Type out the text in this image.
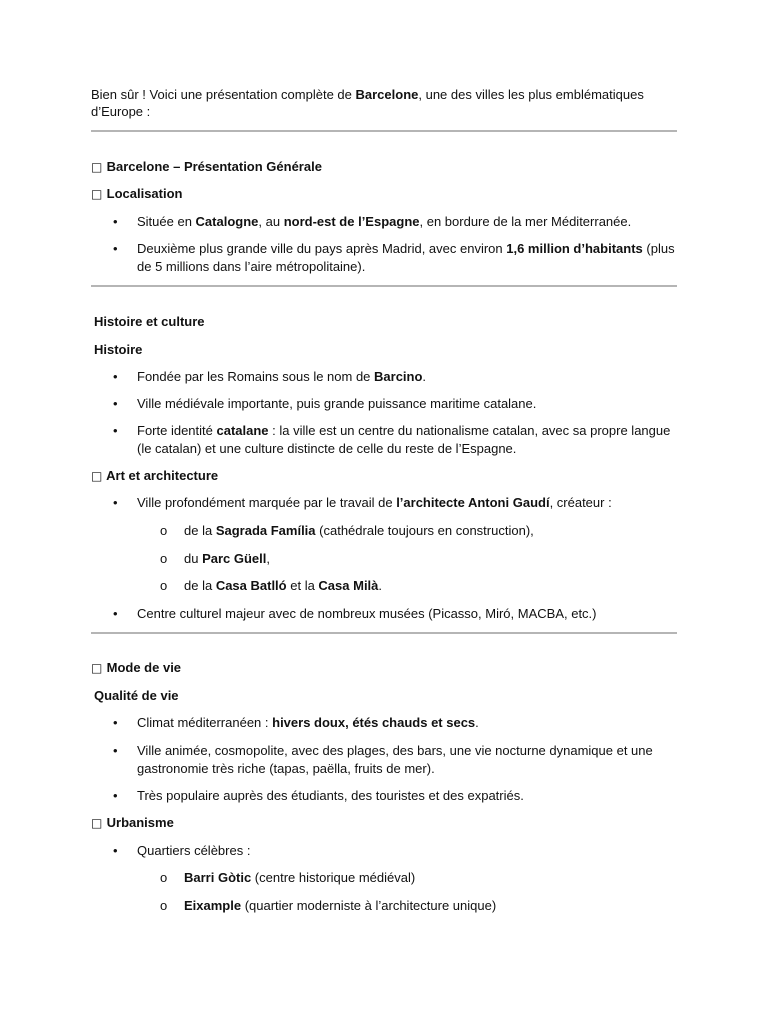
Bien sûr ! Voici une présentation complète de Barcelone, une des villes les plus emblématiques
d’Europe :
□ Barcelone – Présentation Générale
□ Localisation
• Située en Catalogne, au nord-est de l’Espagne, en bordure de la mer Méditerranée.
• Deuxième plus grande ville du pays après Madrid, avec environ 1,6 million d’habitants (plus
de 5 millions dans l’aire métropolitaine).
Histoire et culture
Histoire
• Fondée par les Romains sous le nom de Barcino.
• Ville médiévale importante, puis grande puissance maritime catalane.
• Forte identité catalane : la ville est un centre du nationalisme catalan, avec sa propre langue
(le catalan) et une culture distincte de celle du reste de l’Espagne.
□ Art et architecture
• Ville profondément marquée par le travail de l’architecte Antoni Gaudí, créateur :
o de la Sagrada Família (cathédrale toujours en construction),
o du Parc Güell,
o de la Casa Batlló et la Casa Milà.
• Centre culturel majeur avec de nombreux musées (Picasso, Miró, MACBA, etc.)
□ Mode de vie
Qualité de vie
• Climat méditerranéen : hivers doux, étés chauds et secs.
• Ville animée, cosmopolite, avec des plages, des bars, une vie nocturne dynamique et une
gastronomie très riche (tapas, paëlla, fruits de mer).
• Très populaire auprès des étudiants, des touristes et des expatriés.
□ Urbanisme
• Quartiers célèbres :
o Barri Gòtic (centre historique médiéval)
o Eixample (quartier moderniste à l’architecture unique)
